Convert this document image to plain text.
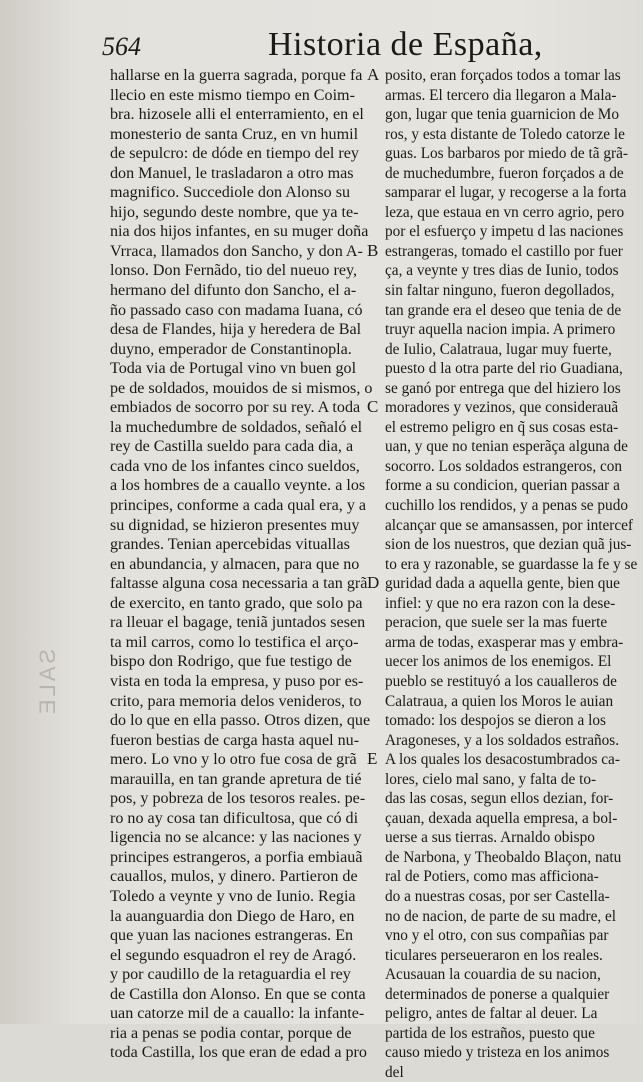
564	Historia de España,
hallarse en la guerra sagrada, porque fa
llecio en este mismo tiempo en Coim-
bra. hizosele alli el enterramiento, en el
monesterio de santa Cruz, en vn humil
de sepulcro: de dóde en tiempo del rey
don Manuel, le trasladaron a otro mas
magnifico. Succediole don Alonso su
hijo, segundo deste nombre, que ya te-
nia dos hijos infantes, en su muger doña
Vrraca, llamados don Sancho, y don A-
lonso. Don Fernãdo, tio del nueuo rey,
hermano del difunto don Sancho, el a-
ño passado caso con madama Iuana, có
desa de Flandes, hija y heredera de Bal
duyno, emperador de Constantinopla.
Toda via de Portugal vino vn buen gol
pe de soldados, mouidos de si mismos, o
embiados de socorro por su rey. A toda
la muchedumbre de soldados, señaló el
rey de Castilla sueldo para cada dia, a
cada vno de los infantes cinco sueldos,
a los hombres de a cauallo veynte. a los
principes, conforme a cada qual era, y a
su dignidad, se hizieron presentes muy
grandes. Tenian apercebidas vituallas
en abundancia, y almacen, para que no
faltasse alguna cosa necessaria a tan grã
de exercito, en tanto grado, que solo pa
ra lleuar el bagage, teniã juntados sesen
ta mil carros, como lo testifica el arço-
bispo don Rodrigo, que fue testigo de
vista en toda la empresa, y puso por es-
crito, para memoria delos venideros, to
do lo que en ella passo. Otros dizen, que
fueron bestias de carga hasta aquel nu-
mero. Lo vno y lo otro fue cosa de grã
marauilla, en tan grande apretura de tié
pos, y pobreza de los tesoros reales. pe-
ro no ay cosa tan dificultosa, que có di
ligencia no se alcance: y las naciones y
principes estrangeros, a porfia embiauã
cauallos, mulos, y dinero. Partieron de
Toledo a veynte y vno de Iunio. Regia
la auanguardia don Diego de Haro, en
que yuan las naciones estrangeras. En
el segundo esquadron el rey de Aragó.
y por caudillo de la retaguardia el rey
de Castilla don Alonso. En que se conta
uan catorze mil de a cauallo: la infante-
ria a penas se podia contar, porque de
toda Castilla, los que eran de edad a pro
A
B
C
D
E
posito, eran forçados todos a tomar las
armas. El tercero dia llegaron a Mala-
gon, lugar que tenia guarnicion de Mo
ros, y esta distante de Toledo catorze le
guas. Los barbaros por miedo de tã grã-
de muchedumbre, fueron forçados a de
samparar el lugar, y recogerse a la forta
leza, que estaua en vn cerro agrio, pero
por el esfuerço y impetu d las naciones
estrangeras, tomado el castillo por fuer
ça, a veynte y tres dias de Iunio, todos
sin faltar ninguno, fueron degollados,
tan grande era el deseo que tenia de de
truyr aquella nacion impia. A primero
de Iulio, Calatraua, lugar muy fuerte,
puesto d la otra parte del rio Guadiana,
se ganó por entrega que del hiziero los
moradores y vezinos, que considerauã
el estremo peligro en q̃ sus cosas esta-
uan, y que no tenian esperãça alguna de
socorro. Los soldados estrangeros, con
forme a su condicion, querian passar a
cuchillo los rendidos, y a penas se pudo
alcançar que se amansassen, por intercef
sion de los nuestros, que dezian quã jus-
to era y razonable, se guardasse la fe y se
guridad dada a aquella gente, bien que
infiel: y que no era razon con la dese-
peracion, que suele ser la mas fuerte
arma de todas, exasperar mas y embra-
uecer los animos de los enemigos. El
pueblo se restituyó a los caualleros de
Calatraua, a quien los Moros le auian
tomado: los despojos se dieron a los
Aragoneses, y a los soldados estraños.
A los quales los desacostumbrados ca-
lores, cielo mal sano, y falta de to-
das las cosas, segun ellos dezian, for-
çauan, dexada aquella empresa, a bol-
uerse a sus tierras. Arnaldo obispo
de Narbona, y Theobaldo Blaçon, natu
ral de Potiers, como mas afficiona-
do a nuestras cosas, por ser Castella-
no de nacion, de parte de su madre, el
vno y el otro, con sus compañias par
ticulares perseueraron en los reales.
Acusauan la couardia de su nacion,
determinados de ponerse a qualquier
peligro, antes de faltar al deuer. La
partida de los estraños, puesto que
causo miedo y tristeza en los animos
del
SALE
